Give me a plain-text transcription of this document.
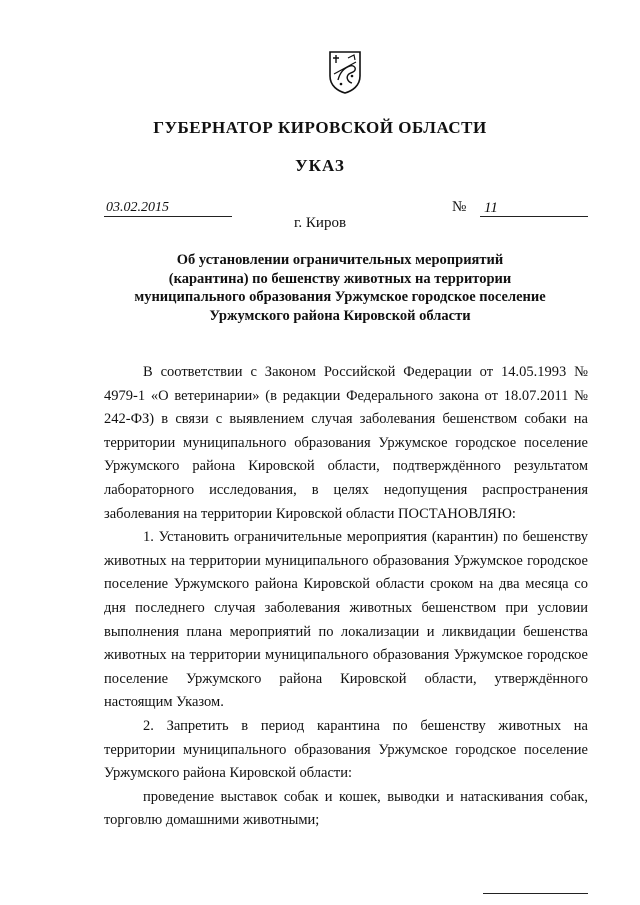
ГУБЕРНАТОР КИРОВСКОЙ ОБЛАСТИ
УКАЗ
03.02.2015	№ 11
г. Киров
Об установлении ограничительных мероприятий
(карантина) по бешенству животных на территории
муниципального образования Уржумское городское поселение
Уржумского района Кировской области

В соответствии с Законом Российской Федерации от 14.05.1993 № 4979-1 «О ветеринарии» (в редакции Федерального закона от 18.07.2011 № 242-ФЗ) в связи с выявлением случая заболевания бешенством собаки на территории муниципального образования Уржумское городское поселение Уржумского района Кировской области, подтверждённого результатом лабораторного исследования, в целях недопущения распространения заболевания на территории Кировской области ПОСТАНОВЛЯЮ:

1. Установить ограничительные мероприятия (карантин) по бешенству животных на территории муниципального образования Уржумское городское поселение Уржумского района Кировской области сроком на два месяца со дня последнего случая заболевания животных бешенством при условии выполнения плана мероприятий по локализации и ликвидации бешенства животных на территории муниципального образования Уржумское городское поселение Уржумского района Кировской области, утверждённого настоящим Указом.

2. Запретить в период карантина по бешенству животных на территории муниципального образования Уржумское городское поселение Уржумского района Кировской области:

проведение выставок собак и кошек, выводки и натаскивания собак, торговлю домашними животными;
